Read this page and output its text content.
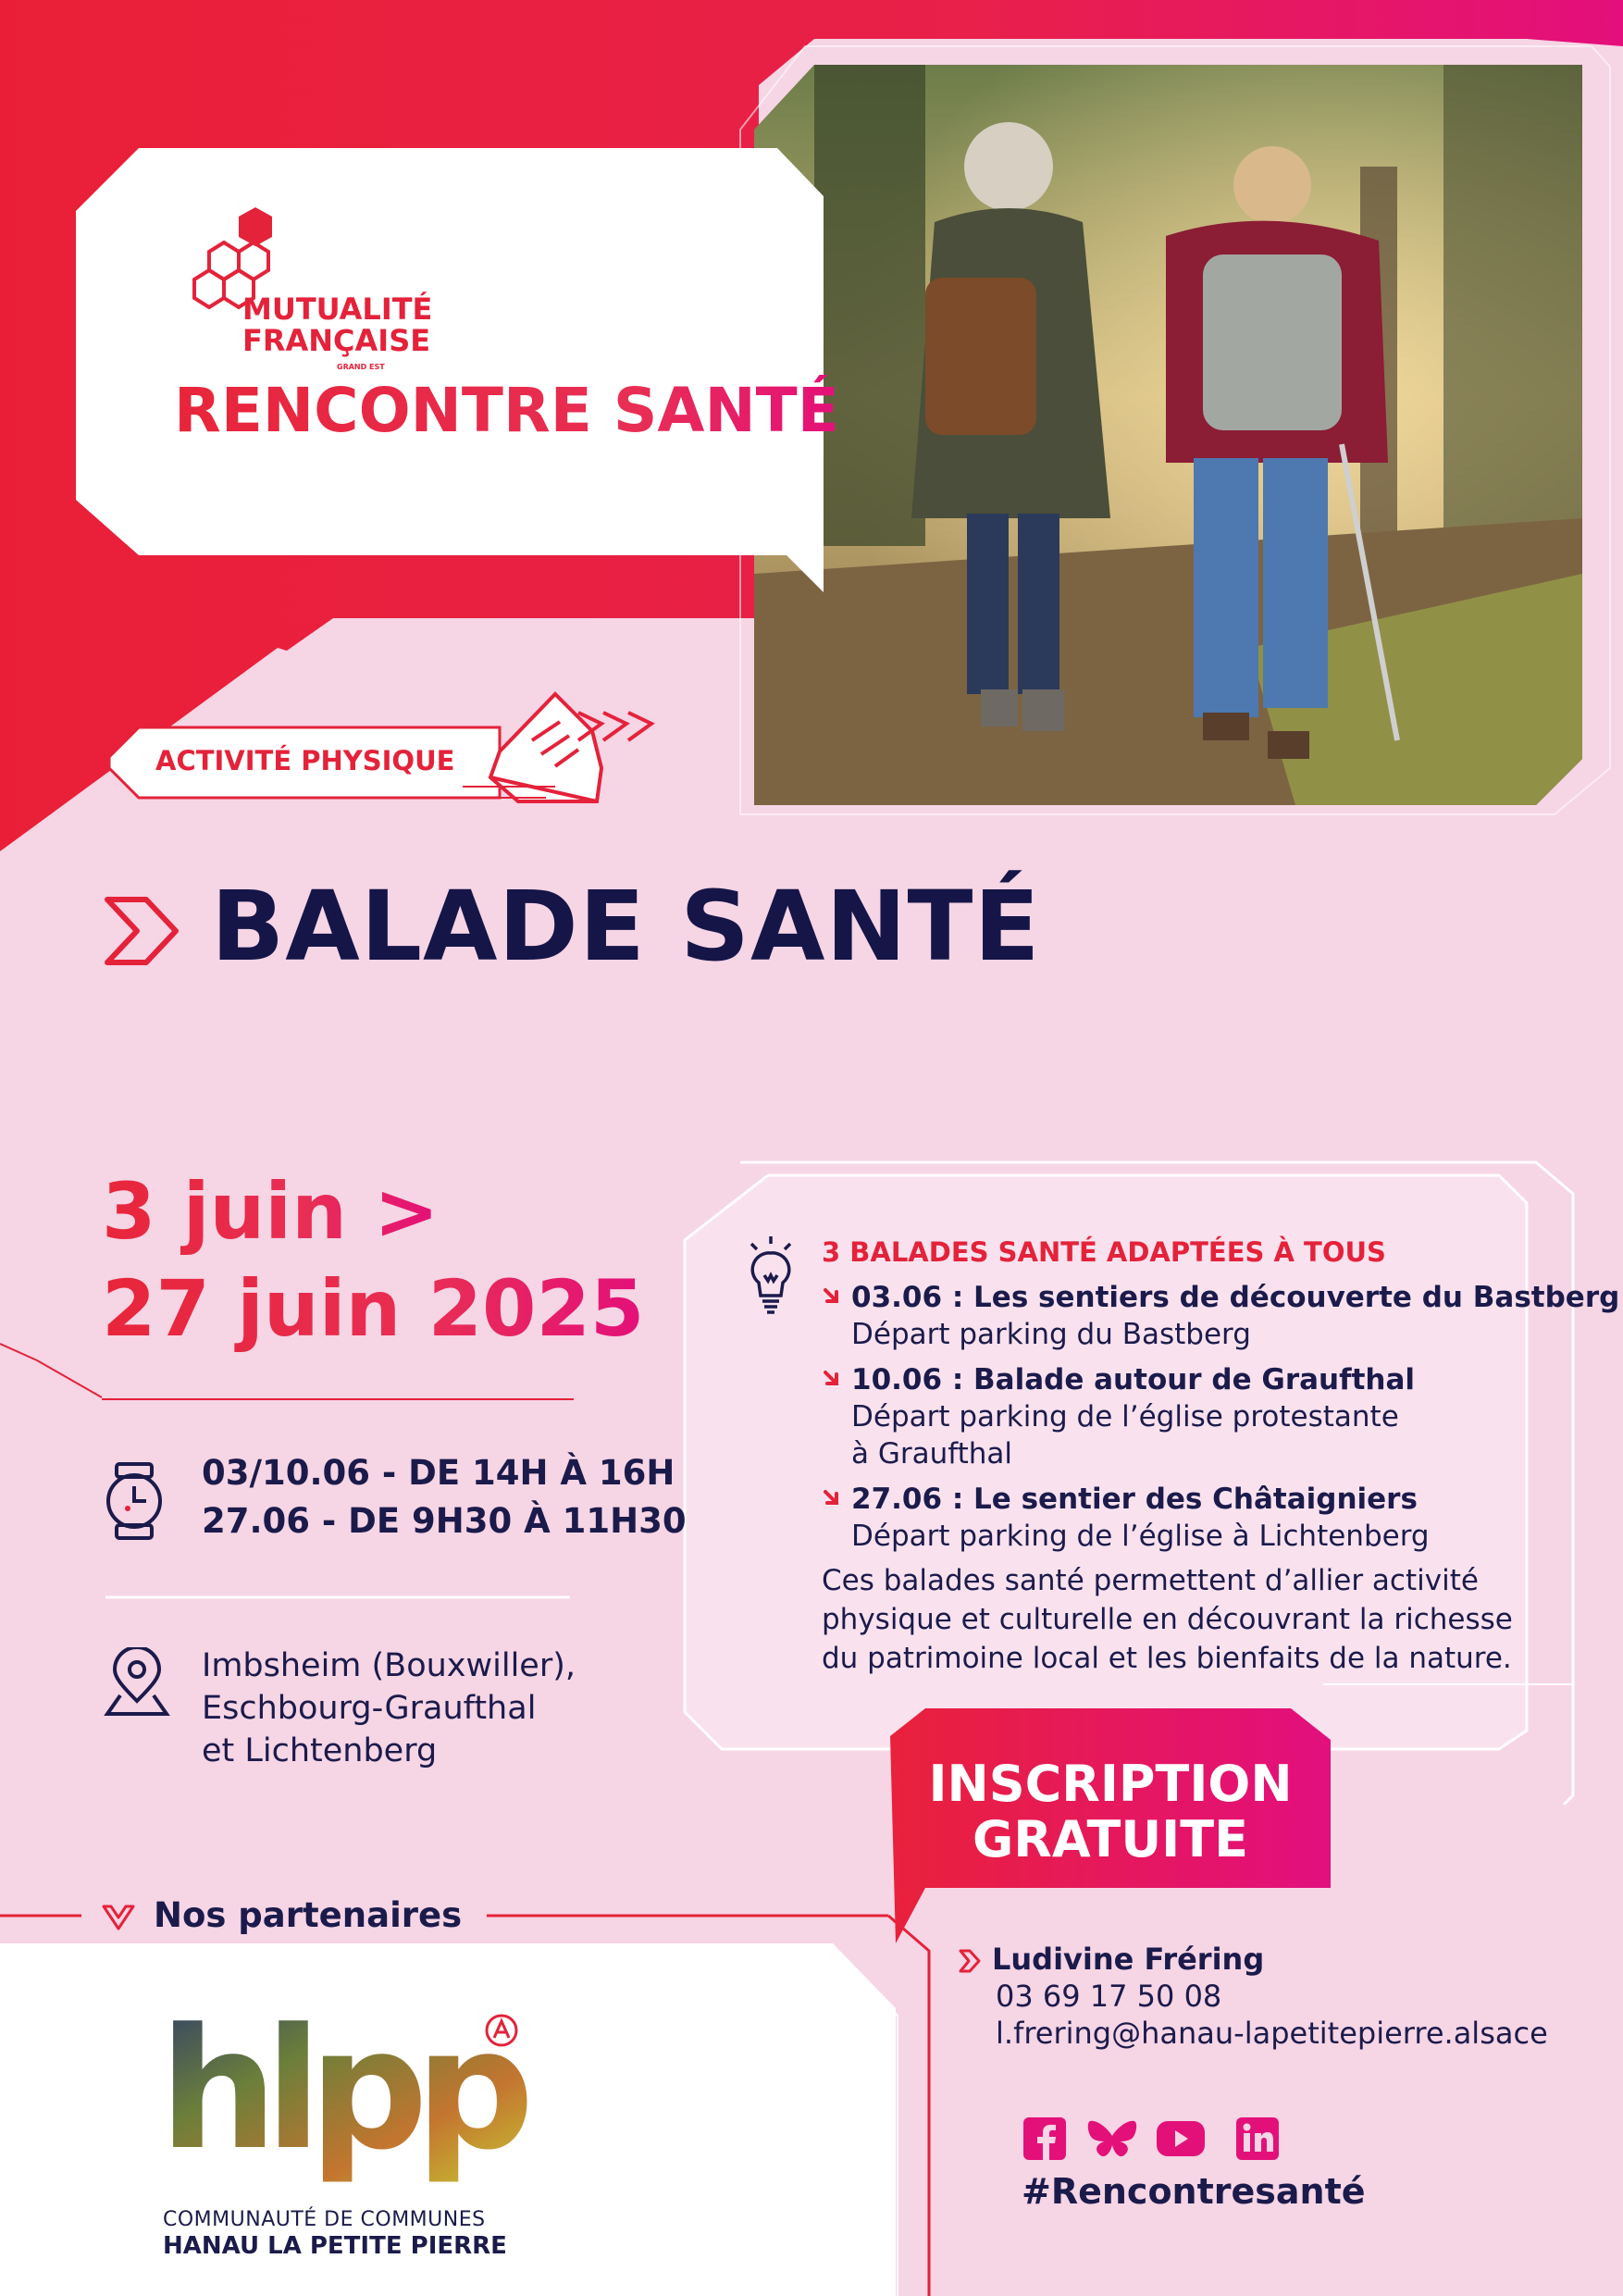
MUTUALITÉ
FRANÇAISE
GRAND EST
RENCONTRE SANTÉ
ACTIVITÉ PHYSIQUE
BALADE SANTÉ
3 juin >
27 juin 2025
03/10.06 - DE 14H À 16H
27.06 - DE 9H30 À 11H30
Imbsheim (Bouxwiller),
Eschbourg-Graufthal
et Lichtenberg
3 BALADES SANTÉ ADAPTÉES À TOUS
03.06 : Les sentiers de découverte du Bastberg
Départ parking du Bastberg
10.06 : Balade autour de Graufthal
Départ parking de l’église protestante
à Graufthal
27.06 : Le sentier des Châtaigniers
Départ parking de l’église à Lichtenberg
Ces balades santé permettent d’allier activité
physique et culturelle en découvrant la richesse
du patrimoine local et les bienfaits de la nature.
INSCRIPTION
GRATUITE
Ludivine Fréring
03 69 17 50 08
l.frering@hanau-lapetitepierre.alsace
#Rencontresanté
Nos partenaires
hlpp
COMMUNAUTÉ DE COMMUNES
HANAU LA PETITE PIERRE
